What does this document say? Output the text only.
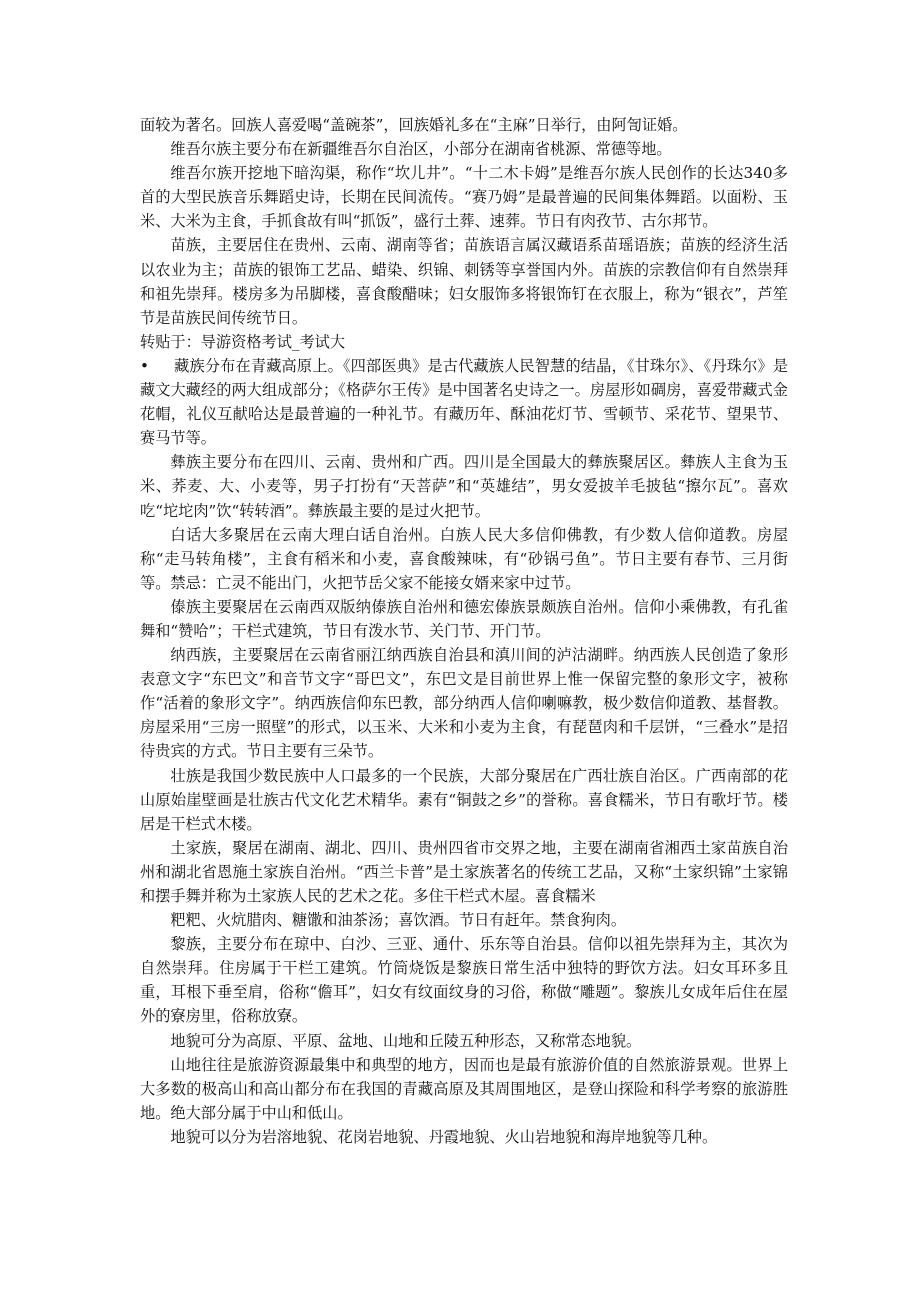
面较为著名。回族人喜爱喝“盖碗茶”，回族婚礼多在“主麻”日举行，由阿訇证婚。

维吾尔族主要分布在新疆维吾尔自治区，小部分在湖南省桃源、常德等地。

维吾尔族开挖地下暗沟渠，称作“坎儿井”。“十二木卡姆”是维吾尔族人民创作的长达340多首的大型民族音乐舞蹈史诗，长期在民间流传。“赛乃姆”是最普遍的民间集体舞蹈。以面粉、玉米、大米为主食，手抓食故有叫“抓饭”，盛行土葬、速葬。节日有肉孜节、古尔邦节。

苗族，主要居住在贵州、云南、湖南等省；苗族语言属汉藏语系苗瑶语族；苗族的经济生活以农业为主；苗族的银饰工艺品、蜡染、织锦、刺锈等享誉国内外。苗族的宗教信仰有自然崇拜和祖先崇拜。楼房多为吊脚楼，喜食酸醋味；妇女服饰多将银饰钉在衣服上，称为“银衣”，芦笙节是苗族民间传统节日。

转贴于：导游资格考试_考试大

• 藏族分布在青藏高原上。《四部医典》是古代藏族人民智慧的结晶，《甘珠尔》、《丹珠尔》是藏文大藏经的两大组成部分；《格萨尔王传》是中国著名史诗之一。房屋形如碉房，喜爱带藏式金花帽，礼仪互献哈达是最普遍的一种礼节。有藏历年、酥油花灯节、雪顿节、采花节、望果节、赛马节等。

彝族主要分布在四川、云南、贵州和广西。四川是全国最大的彝族聚居区。彝族人主食为玉米、荞麦、大、小麦等，男子打扮有“天菩萨”和“英雄结”，男女爱披羊毛披毡“擦尔瓦”。喜欢吃“坨坨肉”饮“转转酒”。彝族最主要的是过火把节。

白话大多聚居在云南大理白话自治州。白族人民大多信仰佛教，有少数人信仰道教。房屋称“走马转角楼”，主食有稻米和小麦，喜食酸辣味，有“砂锅弓鱼”。节日主要有春节、三月街等。禁忌：亡灵不能出门，火把节岳父家不能接女婿来家中过节。

傣族主要聚居在云南西双版纳傣族自治州和德宏傣族景颇族自治州。信仰小乘佛教，有孔雀舞和“赞哈”；干栏式建筑，节日有泼水节、关门节、开门节。

纳西族，主要聚居在云南省丽江纳西族自治县和滇川间的泸沽湖畔。纳西族人民创造了象形表意文字“东巴文”和音节文字“哥巴文”，东巴文是目前世界上惟一保留完整的象形文字，被称作“活着的象形文字”。纳西族信仰东巴教，部分纳西人信仰喇嘛教，极少数信仰道教、基督教。房屋采用“三房一照壁”的形式，以玉米、大米和小麦为主食，有琵琶肉和千层饼，“三叠水”是招待贵宾的方式。节日主要有三朵节。

壮族是我国少数民族中人口最多的一个民族，大部分聚居在广西壮族自治区。广西南部的花山原始崖壁画是壮族古代文化艺术精华。素有“铜鼓之乡”的誉称。喜食糯米，节日有歌圩节。楼居是干栏式木楼。

土家族，聚居在湖南、湖北、四川、贵州四省市交界之地，主要在湖南省湘西土家苗族自治州和湖北省恩施土家族自治州。“西兰卡普”是土家族著名的传统工艺品，又称“土家织锦”土家锦和摆手舞并称为土家族人民的艺术之花。多住干栏式木屋。喜食糯米

粑粑、火炕腊肉、糖馓和油茶汤；喜饮酒。节日有赶年。禁食狗肉。

黎族，主要分布在琼中、白沙、三亚、通什、乐东等自治县。信仰以祖先崇拜为主，其次为自然崇拜。住房属于干栏工建筑。竹筒烧饭是黎族日常生活中独特的野饮方法。妇女耳环多且重，耳根下垂至肩，俗称“儋耳”，妇女有纹面纹身的习俗，称做“雕题”。黎族儿女成年后住在屋外的寮房里，俗称放寮。

地貌可分为高原、平原、盆地、山地和丘陵五种形态，又称常态地貌。

山地往往是旅游资源最集中和典型的地方，因而也是最有旅游价值的自然旅游景观。世界上大多数的极高山和高山都分布在我国的青藏高原及其周围地区，是登山探险和科学考察的旅游胜地。绝大部分属于中山和低山。

地貌可以分为岩溶地貌、花岗岩地貌、丹霞地貌、火山岩地貌和海岸地貌等几种。
